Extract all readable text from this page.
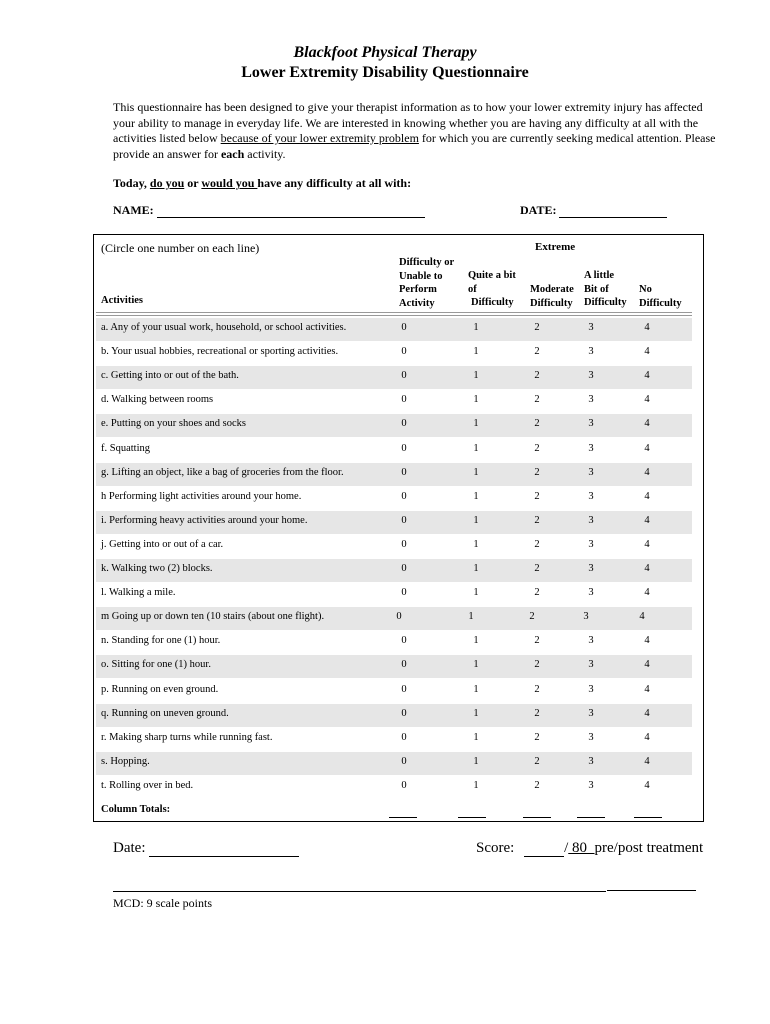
Blackfoot Physical Therapy
Lower Extremity Disability Questionnaire
This questionnaire has been designed to give your therapist information as to how your lower extremity injury has affected your ability to manage in everyday life. We are interested in knowing whether you are having any difficulty at all with the activities listed below because of your lower extremity problem for which you are currently seeking medical attention. Please provide an answer for each activity.
Today, do you or would you have any difficulty at all with:
NAME:	DATE:
(Circle one number on each line)	Extreme
Difficulty or
Unable to
Perform
Activity
Quite a bit
of
Difficulty
Moderate
Difficulty
A little
Bit of
Difficulty
No
Difficulty
Activities
a. Any of your usual work, household, or school activities.	0	1	2	3	4
b. Your usual hobbies, recreational or sporting activities.	0	1	2	3	4
c. Getting into or out of the bath.	0	1	2	3	4
d. Walking between rooms	0	1	2	3	4
e. Putting on your shoes and socks	0	1	2	3	4
f. Squatting	0	1	2	3	4
g. Lifting an object, like a bag of groceries from the floor.	0	1	2	3	4
h Performing light activities around your home.	0	1	2	3	4
i. Performing heavy activities around your home.	0	1	2	3	4
j. Getting into or out of a car.	0	1	2	3	4
k. Walking two (2) blocks.	0	1	2	3	4
l. Walking a mile.	0	1	2	3	4
m Going up or down ten (10 stairs (about one flight).	0	1	2	3	4
n. Standing for one (1) hour.	0	1	2	3	4
o. Sitting for one (1) hour.	0	1	2	3	4
p. Running on even ground.	0	1	2	3	4
q. Running on uneven ground.	0	1	2	3	4
r. Making sharp turns while running fast.	0	1	2	3	4
s. Hopping.	0	1	2	3	4
t. Rolling over in bed.	0	1	2	3	4
Column Totals:
Date:	Score:	/ 80 pre/post treatment
MCD: 9 scale points
